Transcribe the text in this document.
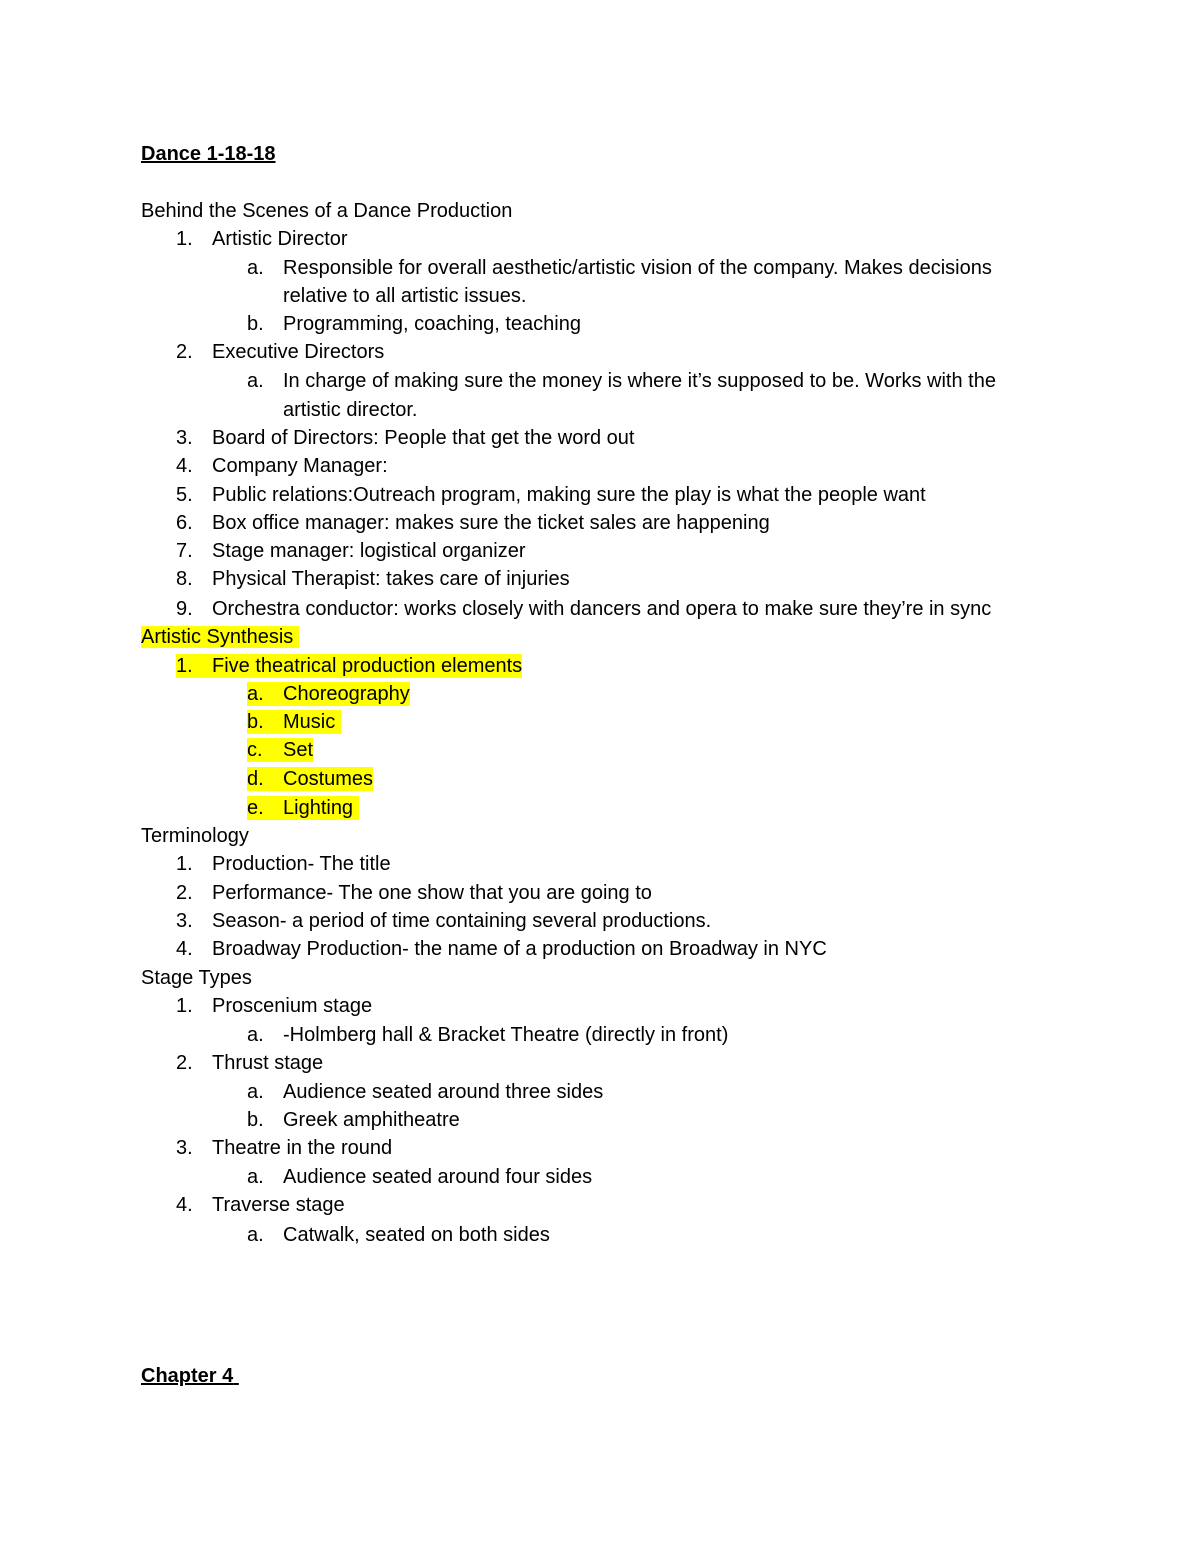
Dance 1-18-18
Behind the Scenes of a Dance Production
1. Artistic Director
a. Responsible for overall aesthetic/artistic vision of the company. Makes decisions
relative to all artistic issues.
b. Programming, coaching, teaching
2. Executive Directors
a. In charge of making sure the money is where it’s supposed to be. Works with the
artistic director.
3. Board of Directors: People that get the word out
4. Company Manager:
5. Public relations:Outreach program, making sure the play is what the people want
6. Box office manager: makes sure the ticket sales are happening
7. Stage manager: logistical organizer
8. Physical Therapist: takes care of injuries
9. Orchestra conductor: works closely with dancers and opera to make sure they’re in sync
Artistic Synthesis
1. Five theatrical production elements
a. Choreography
b. Music
c. Set
d. Costumes
e. Lighting
Terminology
1. Production- The title
2. Performance- The one show that you are going to
3. Season- a period of time containing several productions.
4. Broadway Production- the name of a production on Broadway in NYC
Stage Types
1. Proscenium stage
a. -Holmberg hall & Bracket Theatre (directly in front)
2. Thrust stage
a. Audience seated around three sides
b. Greek amphitheatre
3. Theatre in the round
a. Audience seated around four sides
4. Traverse stage
a. Catwalk, seated on both sides
Chapter 4
